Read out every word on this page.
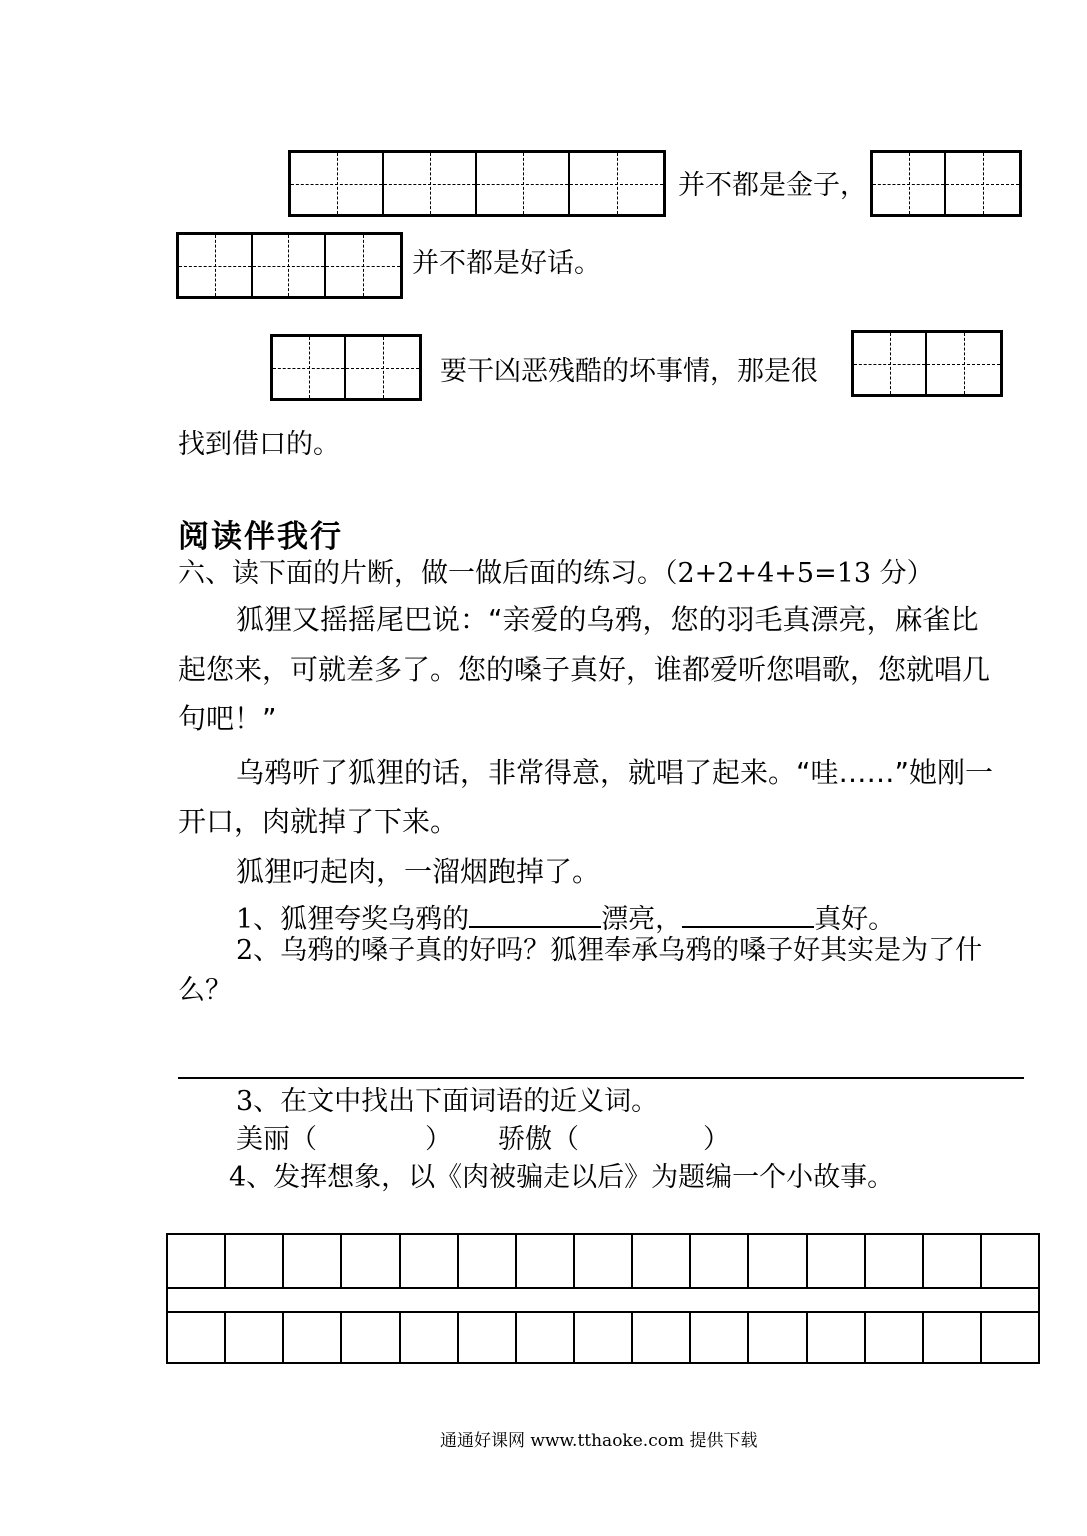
并不都是金子，
并不都是好话。
要干凶恶残酷的坏事情，那是很
找到借口的。
阅读伴我行
六、读下面的片断，做一做后面的练习。（2+2+4+5=13 分）
狐狸又摇摇尾巴说：“亲爱的乌鸦，您的羽毛真漂亮，麻雀比
起您来，可就差多了。您的嗓子真好，谁都爱听您唱歌，您就唱几
句吧！”
乌鸦听了狐狸的话，非常得意，就唱了起来。“哇……”她刚一
开口，肉就掉了下来。
狐狸叼起肉，一溜烟跑掉了。
1、狐狸夸奖乌鸦的	漂亮，	真好。
2、乌鸦的嗓子真的好吗？狐狸奉承乌鸦的嗓子好其实是为了什
么？
3、在文中找出下面词语的近义词。
美丽（	） 骄傲（	）
4、发挥想象，以《肉被骗走以后》为题编一个小故事。
通通好课网 www.tthaoke.com 提供下载
